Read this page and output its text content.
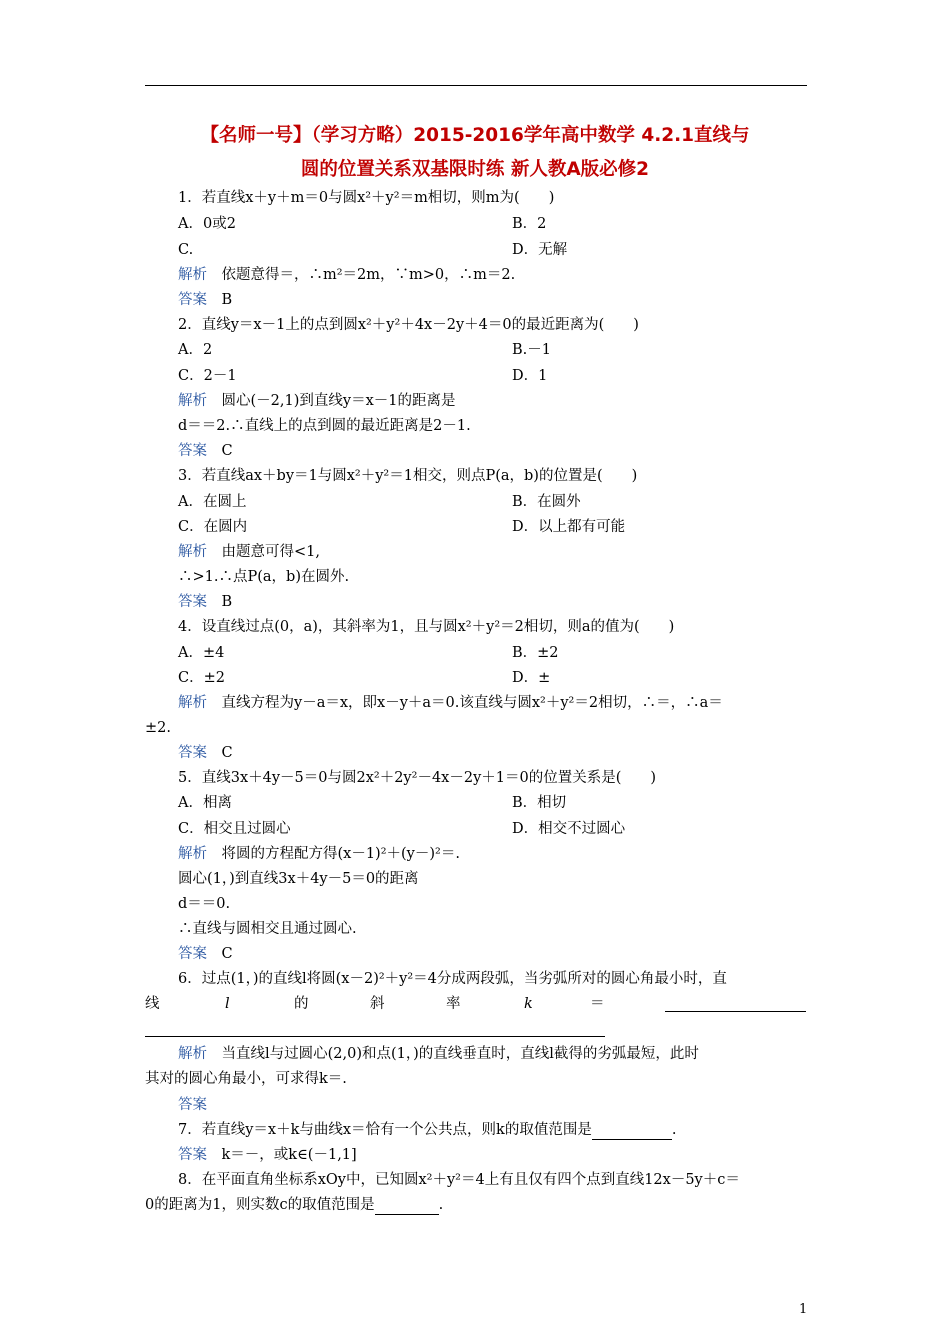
【名师一号】（学习方略）2015-2016学年高中数学 4.2.1直线与
圆的位置关系双基限时练 新人教A版必修2
1．若直线x＋y＋m＝0与圆x²＋y²＝m相切，则m为(　　)
A．0或2	B．2
C.	D．无解
解析　依题意得＝，∴m²＝2m，∵m>0，∴m＝2.
答案　B
2．直线y＝x－1上的点到圆x²＋y²＋4x－2y＋4＝0的最近距离为(　　)
A．2	B.－1
C．2－1	D．1
解析　圆心(－2,1)到直线y＝x－1的距离是
d＝＝2.∴直线上的点到圆的最近距离是2－1.
答案　C
3．若直线ax＋by＝1与圆x²＋y²＝1相交，则点P(a，b)的位置是(　　)
A．在圆上	B．在圆外
C．在圆内	D．以上都有可能
解析　由题意可得<1,
∴>1.∴点P(a，b)在圆外.
答案　B
4．设直线过点(0，a)，其斜率为1，且与圆x²＋y²＝2相切，则a的值为(　　)
A．±4	B．±2
C．±2	D．±
解析　直线方程为y－a＝x，即x－y＋a＝0.该直线与圆x²＋y²＝2相切，∴＝，∴a＝
±2.
答案　C
5．直线3x＋4y－5＝0与圆2x²＋2y²－4x－2y＋1＝0的位置关系是(　　)
A．相离	B．相切
C．相交且过圆心	D．相交不过圆心
解析　将圆的方程配方得(x－1)²＋(y－)²＝.
圆心(1，)到直线3x＋4y－5＝0的距离
d＝＝0.
∴直线与圆相交且通过圆心.
答案　C
6．过点(1，)的直线l将圆(x－2)²＋y²＝4分成两段弧，当劣弧所对的圆心角最小时，直
线	l	的	斜	率	k	＝
解析　当直线l与过圆心(2,0)和点(1，)的直线垂直时，直线l截得的劣弧最短，此时
其对的圆心角最小，可求得k＝.
答案
7．若直线y＝x＋k与曲线x＝恰有一个公共点，则k的取值范围是	.
答案　k＝－，或k∈(－1,1]
8．在平面直角坐标系xOy中，已知圆x²＋y²＝4上有且仅有四个点到直线12x－5y＋c＝
0的距离为1，则实数c的取值范围是	.
1
